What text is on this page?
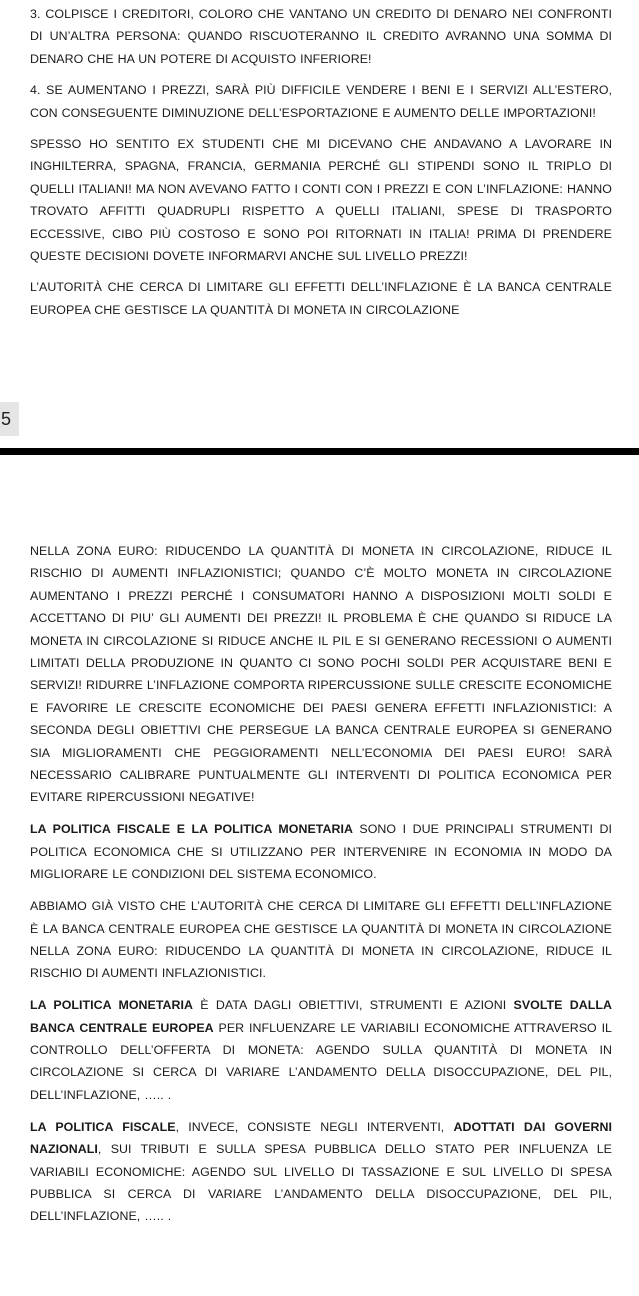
3. COLPISCE I CREDITORI, COLORO CHE VANTANO UN CREDITO DI DENARO NEI CONFRONTI DI UN’ALTRA PERSONA: QUANDO RISCUOTERANNO IL CREDITO AVRANNO UNA SOMMA DI DENARO CHE HA UN POTERE DI ACQUISTO INFERIORE!

4. SE AUMENTANO I PREZZI, SARÀ PIÙ DIFFICILE VENDERE I BENI E I SERVIZI ALL’ESTERO, CON CONSEGUENTE DIMINUZIONE DELL’ESPORTAZIONE E AUMENTO DELLE IMPORTAZIONI!

SPESSO HO SENTITO EX STUDENTI CHE MI DICEVANO CHE ANDAVANO A LAVORARE IN INGHILTERRA, SPAGNA, FRANCIA, GERMANIA PERCHÉ GLI STIPENDI SONO IL TRIPLO DI QUELLI ITALIANI! MA NON AVEVANO FATTO I CONTI CON I PREZZI E CON L’INFLAZIONE: HANNO TROVATO AFFITTI QUADRUPLI RISPETTO A QUELLI ITALIANI, SPESE DI TRASPORTO ECCESSIVE, CIBO PIÙ COSTOSO E SONO POI RITORNATI IN ITALIA! PRIMA DI PRENDERE QUESTE DECISIONI DOVETE INFORMARVI ANCHE SUL LIVELLO PREZZI!

L’AUTORITÀ CHE CERCA DI LIMITARE GLI EFFETTI DELL’INFLAZIONE È LA BANCA CENTRALE EUROPEA CHE GESTISCE LA QUANTITÀ DI MONETA IN CIRCOLAZIONE

5

NELLA ZONA EURO: RIDUCENDO LA QUANTITÀ DI MONETA IN CIRCOLAZIONE, RIDUCE IL RISCHIO DI AUMENTI INFLAZIONISTICI; QUANDO C’È MOLTO MONETA IN CIRCOLAZIONE AUMENTANO I PREZZI PERCHÉ I CONSUMATORI HANNO A DISPOSIZIONI MOLTI SOLDI E ACCETTANO DI PIU’ GLI AUMENTI DEI PREZZI! IL PROBLEMA È CHE QUANDO SI RIDUCE LA MONETA IN CIRCOLAZIONE SI RIDUCE ANCHE IL PIL E SI GENERANO RECESSIONI O AUMENTI LIMITATI DELLA PRODUZIONE IN QUANTO CI SONO POCHI SOLDI PER ACQUISTARE BENI E SERVIZI! RIDURRE L’INFLAZIONE COMPORTA RIPERCUSSIONE SULLE CRESCITE ECONOMICHE E FAVORIRE LE CRESCITE ECONOMICHE DEI PAESI GENERA EFFETTI INFLAZIONISTICI: A SECONDA DEGLI OBIETTIVI CHE PERSEGUE LA BANCA CENTRALE EUROPEA SI GENERANO SIA MIGLIORAMENTI CHE PEGGIORAMENTI NELL’ECONOMIA DEI PAESI EURO! SARÀ NECESSARIO CALIBRARE PUNTUALMENTE GLI INTERVENTI DI POLITICA ECONOMICA PER EVITARE RIPERCUSSIONI NEGATIVE!

LA POLITICA FISCALE E LA POLITICA MONETARIA SONO I DUE PRINCIPALI STRUMENTI DI POLITICA ECONOMICA CHE SI UTILIZZANO PER INTERVENIRE IN ECONOMIA IN MODO DA MIGLIORARE LE CONDIZIONI DEL SISTEMA ECONOMICO.

ABBIAMO GIÀ VISTO CHE L’AUTORITÀ CHE CERCA DI LIMITARE GLI EFFETTI DELL’INFLAZIONE È LA BANCA CENTRALE EUROPEA CHE GESTISCE LA QUANTITÀ DI MONETA IN CIRCOLAZIONE NELLA ZONA EURO: RIDUCENDO LA QUANTITÀ DI MONETA IN CIRCOLAZIONE, RIDUCE IL RISCHIO DI AUMENTI INFLAZIONISTICI.

LA POLITICA MONETARIA È DATA DAGLI OBIETTIVI, STRUMENTI E AZIONI SVOLTE DALLA BANCA CENTRALE EUROPEA PER INFLUENZARE LE VARIABILI ECONOMICHE ATTRAVERSO IL CONTROLLO DELL’OFFERTA DI MONETA: AGENDO SULLA QUANTITÀ DI MONETA IN CIRCOLAZIONE SI CERCA DI VARIARE L’ANDAMENTO DELLA DISOCCUPAZIONE, DEL PIL, DELL’INFLAZIONE, ….. .

LA POLITICA FISCALE, INVECE, CONSISTE NEGLI INTERVENTI, ADOTTATI DAI GOVERNI NAZIONALI, SUI TRIBUTI E SULLA SPESA PUBBLICA DELLO STATO PER INFLUENZA LE VARIABILI ECONOMICHE: AGENDO SUL LIVELLO DI TASSAZIONE E SUL LIVELLO DI SPESA PUBBLICA SI CERCA DI VARIARE L’ANDAMENTO DELLA DISOCCUPAZIONE, DEL PIL, DELL’INFLAZIONE, ….. .
